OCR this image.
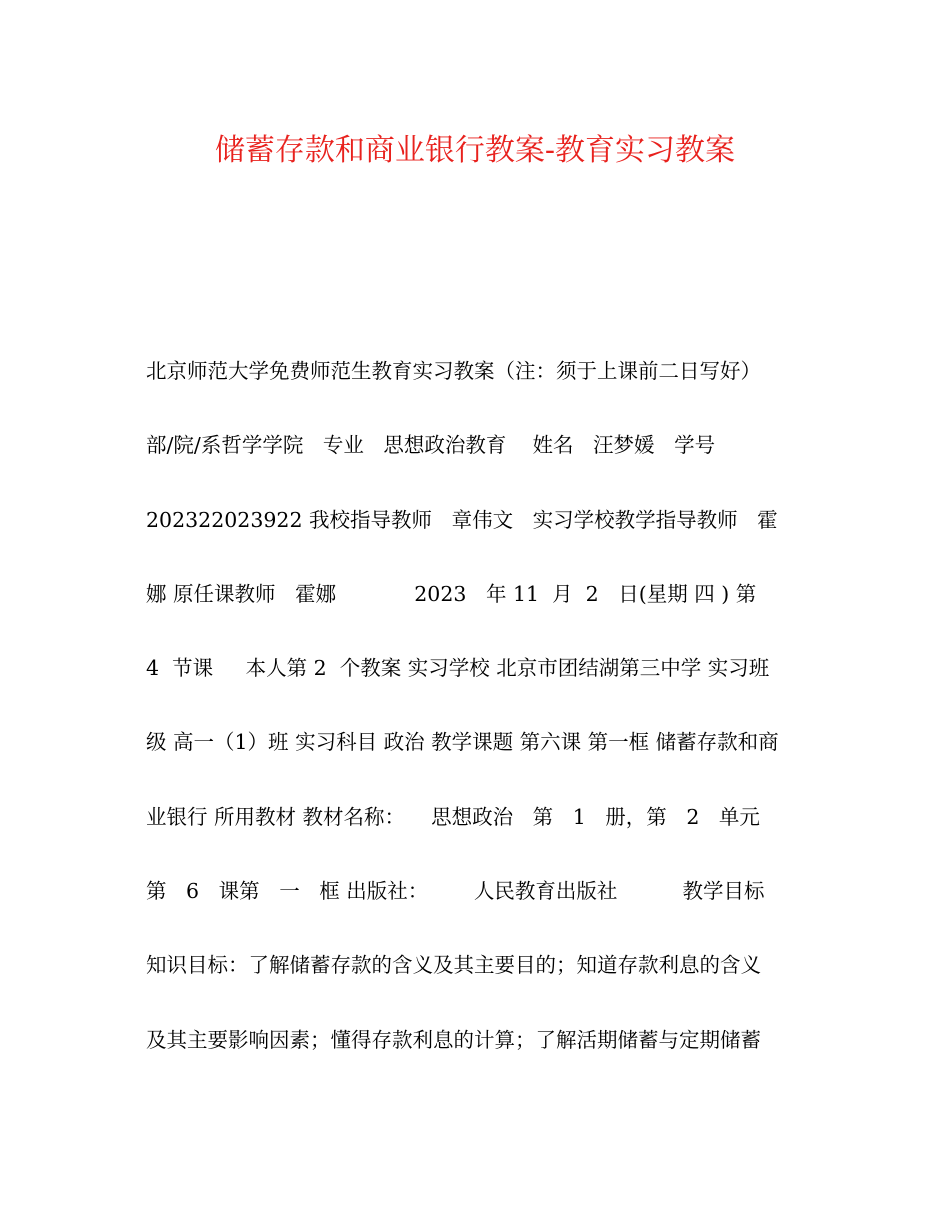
储蓄存款和商业银行教案-教育实习教案
北京师范大学免费师范生教育实习教案（注：须于上课前二日写好）
部/院/系哲学学院   专业   思想政治教育    姓名   汪梦媛   学号
202322023922 我校指导教师   章伟文   实习学校教学指导教师   霍
娜 原任课教师   霍娜            2023   年 11  月  2   日(星期 四 ) 第
4  节课     本人第 2  个教案 实习学校 北京市团结湖第三中学 实习班
级 高一（1）班 实习科目 政治 教学课题 第六课 第一框 储蓄存款和商
业银行 所用教材 教材名称：    思想政治   第   1   册，第   2   单元
第   6   课第   一   框 出版社：       人民教育出版社          教学目标
知识目标：了解储蓄存款的含义及其主要目的；知道存款利息的含义
及其主要影响因素；懂得存款利息的计算；了解活期储蓄与定期储蓄
